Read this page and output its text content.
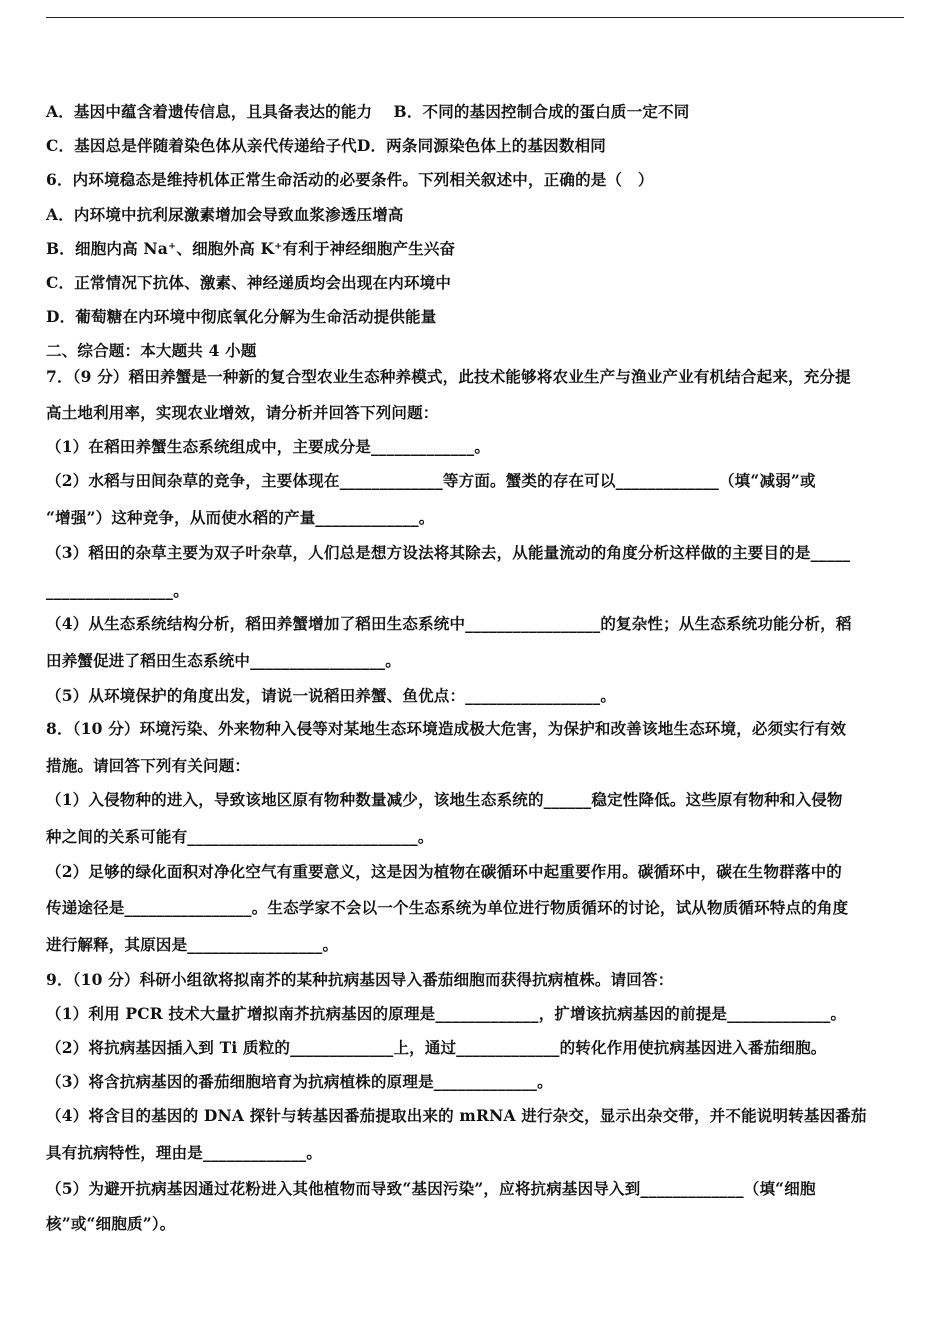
A．基因中蕴含着遗传信息，且具备表达的能力　 B．不同的基因控制合成的蛋白质一定不同
C．基因总是伴随着染色体从亲代传递给子代D．两条同源染色体上的基因数相同
6．内环境稳态是维持机体正常生命活动的必要条件。下列相关叙述中，正确的是（　）
A．内环境中抗利尿激素增加会导致血浆渗透压增高
B．细胞内高 Na⁺、细胞外高 K⁺有利于神经细胞产生兴奋
C．正常情况下抗体、激素、神经递质均会出现在内环境中
D．葡萄糖在内环境中彻底氧化分解为生命活动提供能量
二、综合题：本大题共 4 小题
7．（9 分）稻田养蟹是一种新的复合型农业生态种养模式，此技术能够将农业生产与渔业产业有机结合起来，充分提
高土地利用率，实现农业增效，请分析并回答下列问题：
（1）在稻田养蟹生态系统组成中，主要成分是_____________。
（2）水稻与田间杂草的竞争，主要体现在_____________等方面。蟹类的存在可以_____________（填“减弱”或
“增强”）这种竞争，从而使水稻的产量_____________。
（3）稻田的杂草主要为双子叶杂草，人们总是想方设法将其除去，从能量流动的角度分析这样做的主要目的是_____
________________。
（4）从生态系统结构分析，稻田养蟹增加了稻田生态系统中_________________的复杂性；从生态系统功能分析，稻
田养蟹促进了稻田生态系统中_________________。
（5）从环境保护的角度出发，请说一说稻田养蟹、鱼优点：_________________。
8．（10 分）环境污染、外来物种入侵等对某地生态环境造成极大危害，为保护和改善该地生态环境，必须实行有效
措施。请回答下列有关问题：
（1）入侵物种的进入，导致该地区原有物种数量减少，该地生态系统的______稳定性降低。这些原有物种和入侵物
种之间的关系可能有_____________________________。
（2）足够的绿化面积对净化空气有重要意义，这是因为植物在碳循环中起重要作用。碳循环中，碳在生物群落中的
传递途径是________________。生态学家不会以一个生态系统为单位进行物质循环的讨论，试从物质循环特点的角度
进行解释，其原因是_________________。
9．（10 分）科研小组欲将拟南芥的某种抗病基因导入番茄细胞而获得抗病植株。请回答：
（1）利用 PCR 技术大量扩增拟南芥抗病基因的原理是_____________，扩增该抗病基因的前提是_____________。
（2）将抗病基因插入到 Ti 质粒的_____________上，通过_____________的转化作用使抗病基因进入番茄细胞。
（3）将含抗病基因的番茄细胞培育为抗病植株的原理是_____________。
（4）将含目的基因的 DNA 探针与转基因番茄提取出来的 mRNA 进行杂交，显示出杂交带，并不能说明转基因番茄
具有抗病特性，理由是_____________。
（5）为避开抗病基因通过花粉进入其他植物而导致“基因污染”，应将抗病基因导入到_____________（填“细胞
核”或“细胞质”）。
